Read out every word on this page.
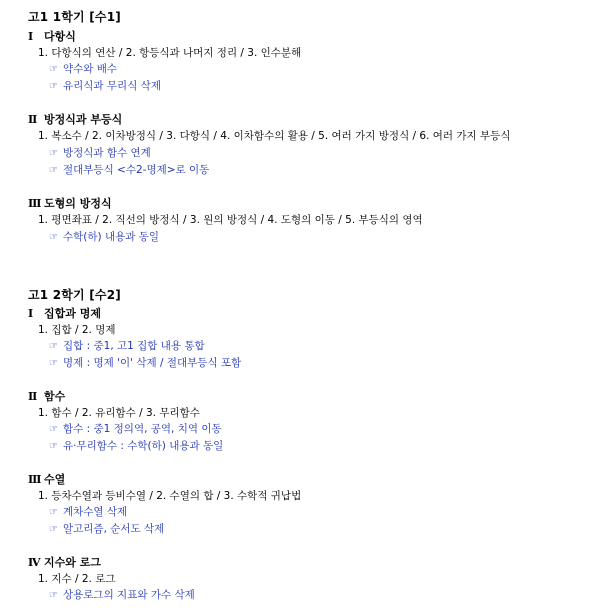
고1 1학기 [수1]
Ⅰ 다항식
1. 다항식의 연산 / 2. 항등식과 나머지 정리 / 3. 인수분해
☞ 약수와 배수
☞ 유리식과 무리식 삭제
Ⅱ 방정식과 부등식
1. 복소수 / 2. 이차방정식 / 3. 다항식 / 4. 이차함수의 활용 / 5. 여러 가지 방정식 / 6. 여러 가지 부등식
☞ 방정식과 함수 연계
☞ 절대부등식 <수2-명제>로 이동
Ⅲ 도형의 방정식
1. 평면좌표 / 2. 직선의 방정식 / 3. 원의 방정식 / 4. 도형의 이동 / 5. 부등식의 영역
☞ 수학(하) 내용과 동일
고1 2학기 [수2]
Ⅰ 집합과 명제
1. 집합 / 2. 명제
☞ 집합 : 중1, 고1 집합 내용 통합
☞ 명제 : 명제 '이' 삭제 / 절대부등식 포함
Ⅱ 함수
1. 함수 / 2. 유리함수 / 3. 무리함수
☞ 함수 : 중1 정의역, 공역, 치역 이동
☞ 유·무리함수 : 수학(하) 내용과 동일
Ⅲ 수열
1. 등차수열과 등비수열 / 2. 수열의 합 / 3. 수학적 귀납법
☞ 계차수열 삭제
☞ 알고리즘, 순서도 삭제
Ⅳ 지수와 로그
1. 지수 / 2. 로그
☞ 상용로그의 지표와 가수 삭제
